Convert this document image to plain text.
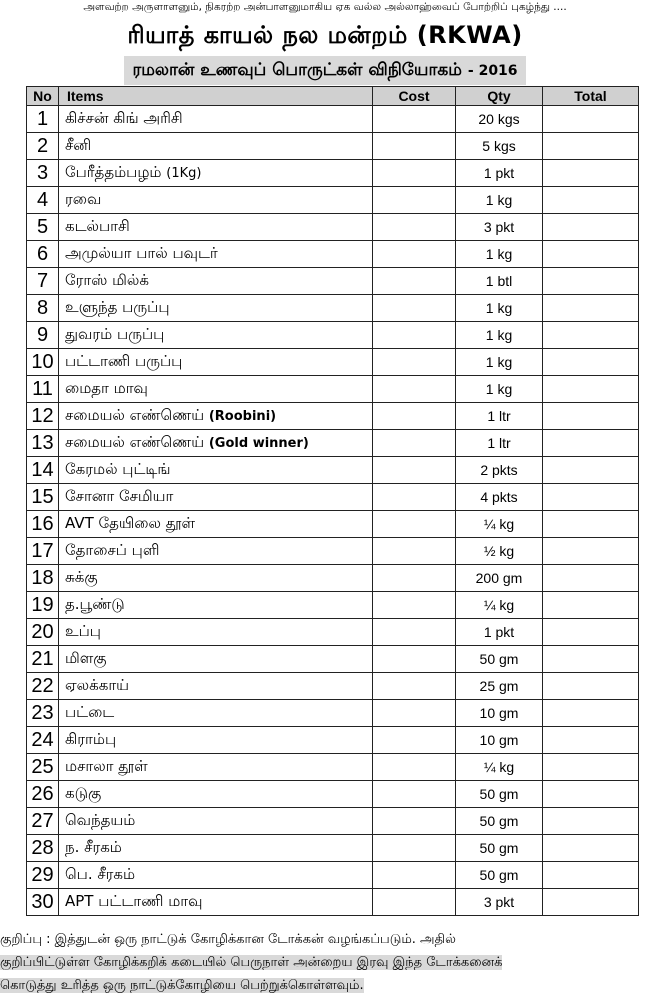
அளவற்ற அருளாளனும், நிகரற்ற அன்பாளனுமாகிய ஏக வல்ல அல்லாஹ்வைப் போற்றிப் புகழ்ந்து ....
ரியாத் காயல் நல மன்றம் (RKWA)
ரமலான் உணவுப் பொருட்கள் விநியோகம் - 2016
No	Items	Cost	Qty	Total
1	கிச்சன் கிங் அரிசி		20 kgs	
2	சீனி		5 kgs	
3	பேரீத்தம்பழம் (1Kg)		1 pkt	
4	ரவை		1 kg	
5	கடல்பாசி		3 pkt	
6	அமுல்யா பால் பவுடர்		1 kg	
7	ரோஸ் மில்க்		1 btl	
8	உளுந்த பருப்பு		1 kg	
9	துவரம் பருப்பு		1 kg	
10	பட்டாணி பருப்பு		1 kg	
11	மைதா மாவு		1 kg	
12	சமையல் எண்ணெய் (Roobini)		1 ltr	
13	சமையல் எண்ணெய் (Gold winner)		1 ltr	
14	கேரமல் புட்டிங்		2 pkts	
15	சோனா சேமியா		4 pkts	
16	AVT தேயிலை தூள்		¼ kg	
17	தோசைப் புளி		½ kg	
18	சுக்கு		200 gm	
19	த.பூண்டு		¼ kg	
20	உப்பு		1 pkt	
21	மிளகு		50 gm	
22	ஏலக்காய்		25 gm	
23	பட்டை		10 gm	
24	கிராம்பு		10 gm	
25	மசாலா தூள்		¼ kg	
26	கடுகு		50 gm	
27	வெந்தயம்		50 gm	
28	ந. சீரகம்		50 gm	
29	பெ. சீரகம்		50 gm	
30	APT பட்டாணி மாவு		3 pkt	
குறிப்பு : இத்துடன் ஒரு நாட்டுக் கோழிக்கான டோக்கன் வழங்கப்படும். அதில்
குறிப்பிட்டுள்ள கோழிக்கறிக் கடையில் பெருநாள் அன்றைய இரவு இந்த டோக்கனைக்
கொடுத்து உரித்த ஒரு நாட்டுக்கோழியை பெற்றுக்கொள்ளவும்.
